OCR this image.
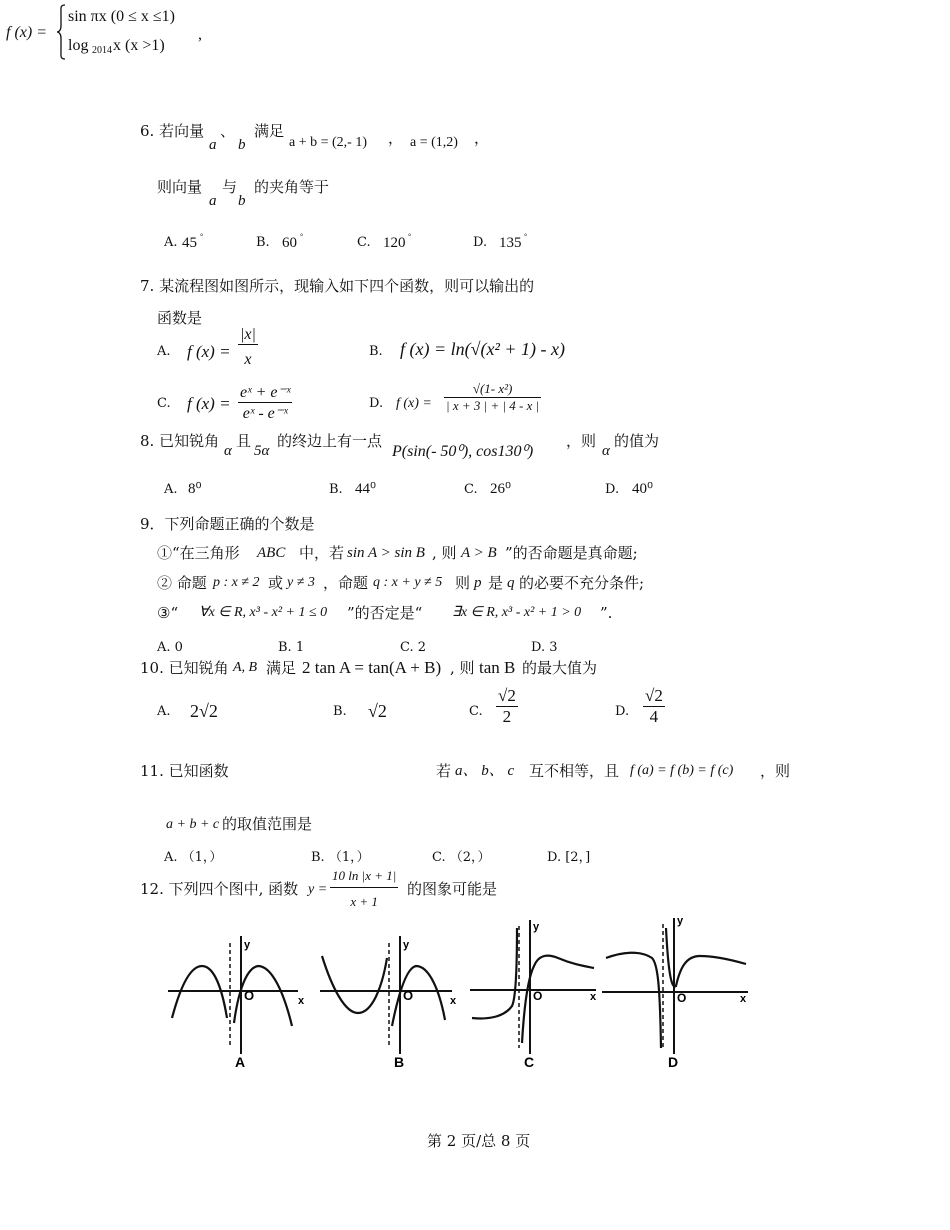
f (x) =
sin πx (0 ≤ x ≤1)
log 2014 x (x >1)
,
6. 若向量
a
、
b
满足
a + b = (2,- 1) ， a = (1,2) ，
则向量
a
与
b
的夹角等于
A. 45 °	B. 60 °	C. 120 °	D. 135 °
7. 某流程图如图所示，现输入如下四个函数，则可以输出的
函数是
A. f (x) =
|x|
x	B. f (x) = ln(√(x² + 1) - x)
C. f (x) =
eˣ + e⁻ˣ
eˣ - e⁻ˣ
D. f (x) =
√(1- x²)
| x + 3 | + | 4 - x |
8. 已知锐角
α
且
5α
的终边上有一点
P(sin(- 50⁰), cos130⁰)
，则
α
的值为
A. 8⁰	B. 44⁰	C. 26⁰	D. 40⁰
9．下列命题正确的个数是
①“在三角形 ABC 中，若 sin A > sin B , 则 A > B ”的否命题是真命题;
② 命题 p : x ≠ 2 或 y ≠ 3 ，命题 q : x + y ≠ 5 则 p 是 q 的必要不充分条件;
③“ ∀x ∈ R, x³ - x² + 1 ≤ 0 ”的否定是“ ∃x ∈ R, x³ - x² + 1 > 0 ”.
A. 0	B. 1	C. 2	D. 3
10. 已知锐角 A, B 满足 2 tan A = tan(A + B) , 则 tan B 的最大值为
A. 2√2	B. √2	C.
√2
2	D.
√2
4
11. 已知函数	若 a、 b、 c 互不相等，且 f (a) = f (b) = f (c) ，则
a + b + c 的取值范围是
A. （1，）	B. （1，）	C. （2，）	D. [2，]
12. 下列四个图中, 函数 y =
10 ln |x + 1|
x + 1
的图象可能是
O	x
y
A
O	x
y
B
O	x
y
C
O	x
y
D
第 2 页/总 8 页
